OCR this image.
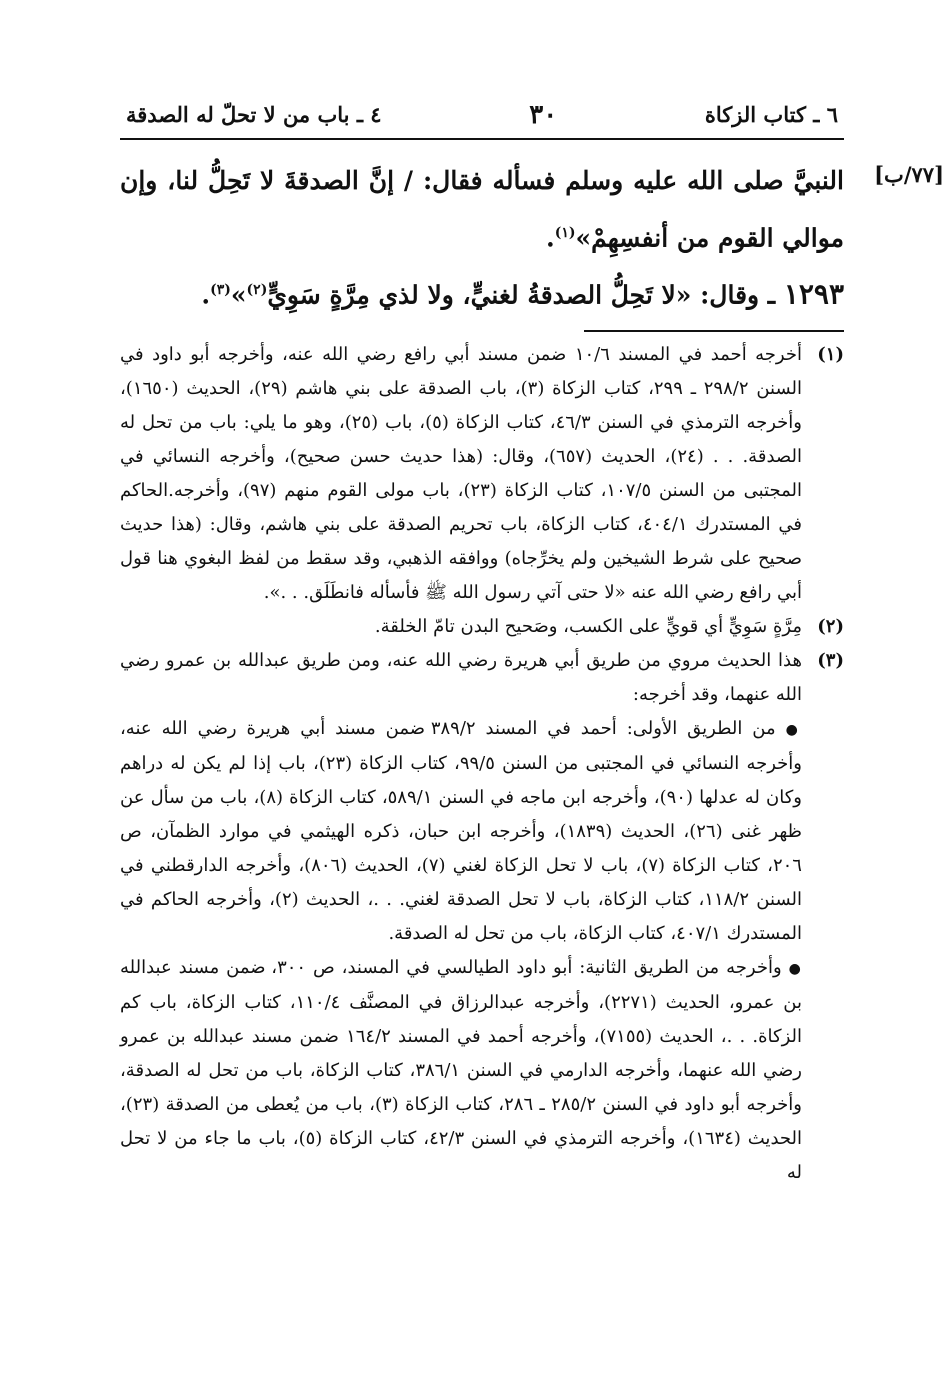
٦ ـ كتاب الزكاة
٣٠
٤ ـ باب من لا تحلّ له الصدقة
[٧٧/ب]

النبيَّ صلى الله عليه وسلم فسأله فقال: / إنَّ الصدقةَ لا تَحِلُّ لنا، وإن موالي القوم من أنفسِهِمْ»$^{(١)}$.

١٢٩٣ ـ وقال: «لا تَحِلُّ الصدقةُ لغنيٍّ، ولا لذي مِرَّةٍ سَوِيٍّ$^{(٢)}$»$^{(٣)}$.

(١)
أخرجه أحمد في المسند ١٠/٦ ضمن مسند أبي رافع رضي الله عنه، وأخرجه أبو داود في السنن ٢٩٨/٢ ـ ٢٩٩، كتاب الزكاة (٣)، باب الصدقة على بني هاشم (٢٩)، الحديث (١٦٥٠)، وأخرجه الترمذي في السنن ٤٦/٣، كتاب الزكاة (٥)، باب (٢٥)، وهو ما يلي: باب من تحل له الصدقة. . . (٢٤)، الحديث (٦٥٧)، وقال: (هذا حديث حسن صحيح)، وأخرجه النسائي في المجتبى من السنن ١٠٧/٥، كتاب الزكاة (٢٣)، باب مولى القوم منهم (٩٧)، وأخرجه.الحاكم في المستدرك ٤٠٤/١، كتاب الزكاة، باب تحريم الصدقة على بني هاشم، وقال: (هذا حديث صحيح على شرط الشيخين ولم يخرِّجاه) ووافقه الذهبي، وقد سقط من لفظ البغوي هنا قول أبي رافع رضي الله عنه «لا حتى آتي رسول الله ﷺ فأسأله فانطَلَق. . .».
(٢)
مِرَّةٍ سَوِيٍّ أي قويٍّ على الكسب، وصَحيح البدن تامّ الخلقة.
(٣)
هذا الحديث مروي من طريق أبي هريرة رضي الله عنه، ومن طريق عبدالله بن عمرو رضي الله عنهما، وقد أخرجه:
● من الطريق الأولى: أحمد في المسند ٣٨٩/٢ ضمن مسند أبي هريرة رضي الله عنه، وأخرجه النسائي في المجتبى من السنن ٩٩/٥، كتاب الزكاة (٢٣)، باب إذا لم يكن له دراهم وكان له عدلها (٩٠)، وأخرجه ابن ماجه في السنن ٥٨٩/١، كتاب الزكاة (٨)، باب من سأل عن ظهر غنى (٢٦)، الحديث (١٨٣٩)، وأخرجه ابن حبان، ذكره الهيثمي في موارد الظمآن، ص ٢٠٦، كتاب الزكاة (٧)، باب لا تحل الزكاة لغني (٧)، الحديث (٨٠٦)، وأخرجه الدارقطني في السنن ١١٨/٢، كتاب الزكاة، باب لا تحل الصدقة لغني. . .، الحديث (٢)، وأخرجه الحاكم في المستدرك ٤٠٧/١، كتاب الزكاة، باب من تحل له الصدقة.
● وأخرجه من الطريق الثانية: أبو داود الطيالسي في المسند، ص ٣٠٠، ضمن مسند عبدالله بن عمرو، الحديث (٢٢٧١)، وأخرجه عبدالرزاق في المصنَّف ١١٠/٤، كتاب الزكاة، باب كم الزكاة. . .، الحديث (٧١٥٥)، وأخرجه أحمد في المسند ١٦٤/٢ ضمن مسند عبدالله بن عمرو رضي الله عنهما، وأخرجه الدارمي في السنن ٣٨٦/١، كتاب الزكاة، باب من تحل له الصدقة، وأخرجه أبو داود في السنن ٢٨٥/٢ ـ ٢٨٦، كتاب الزكاة (٣)، باب من يُعطى من الصدقة (٢٣)، الحديث (١٦٣٤)، وأخرجه الترمذي في السنن ٤٢/٣، كتاب الزكاة (٥)، باب ما جاء من لا تحل له
